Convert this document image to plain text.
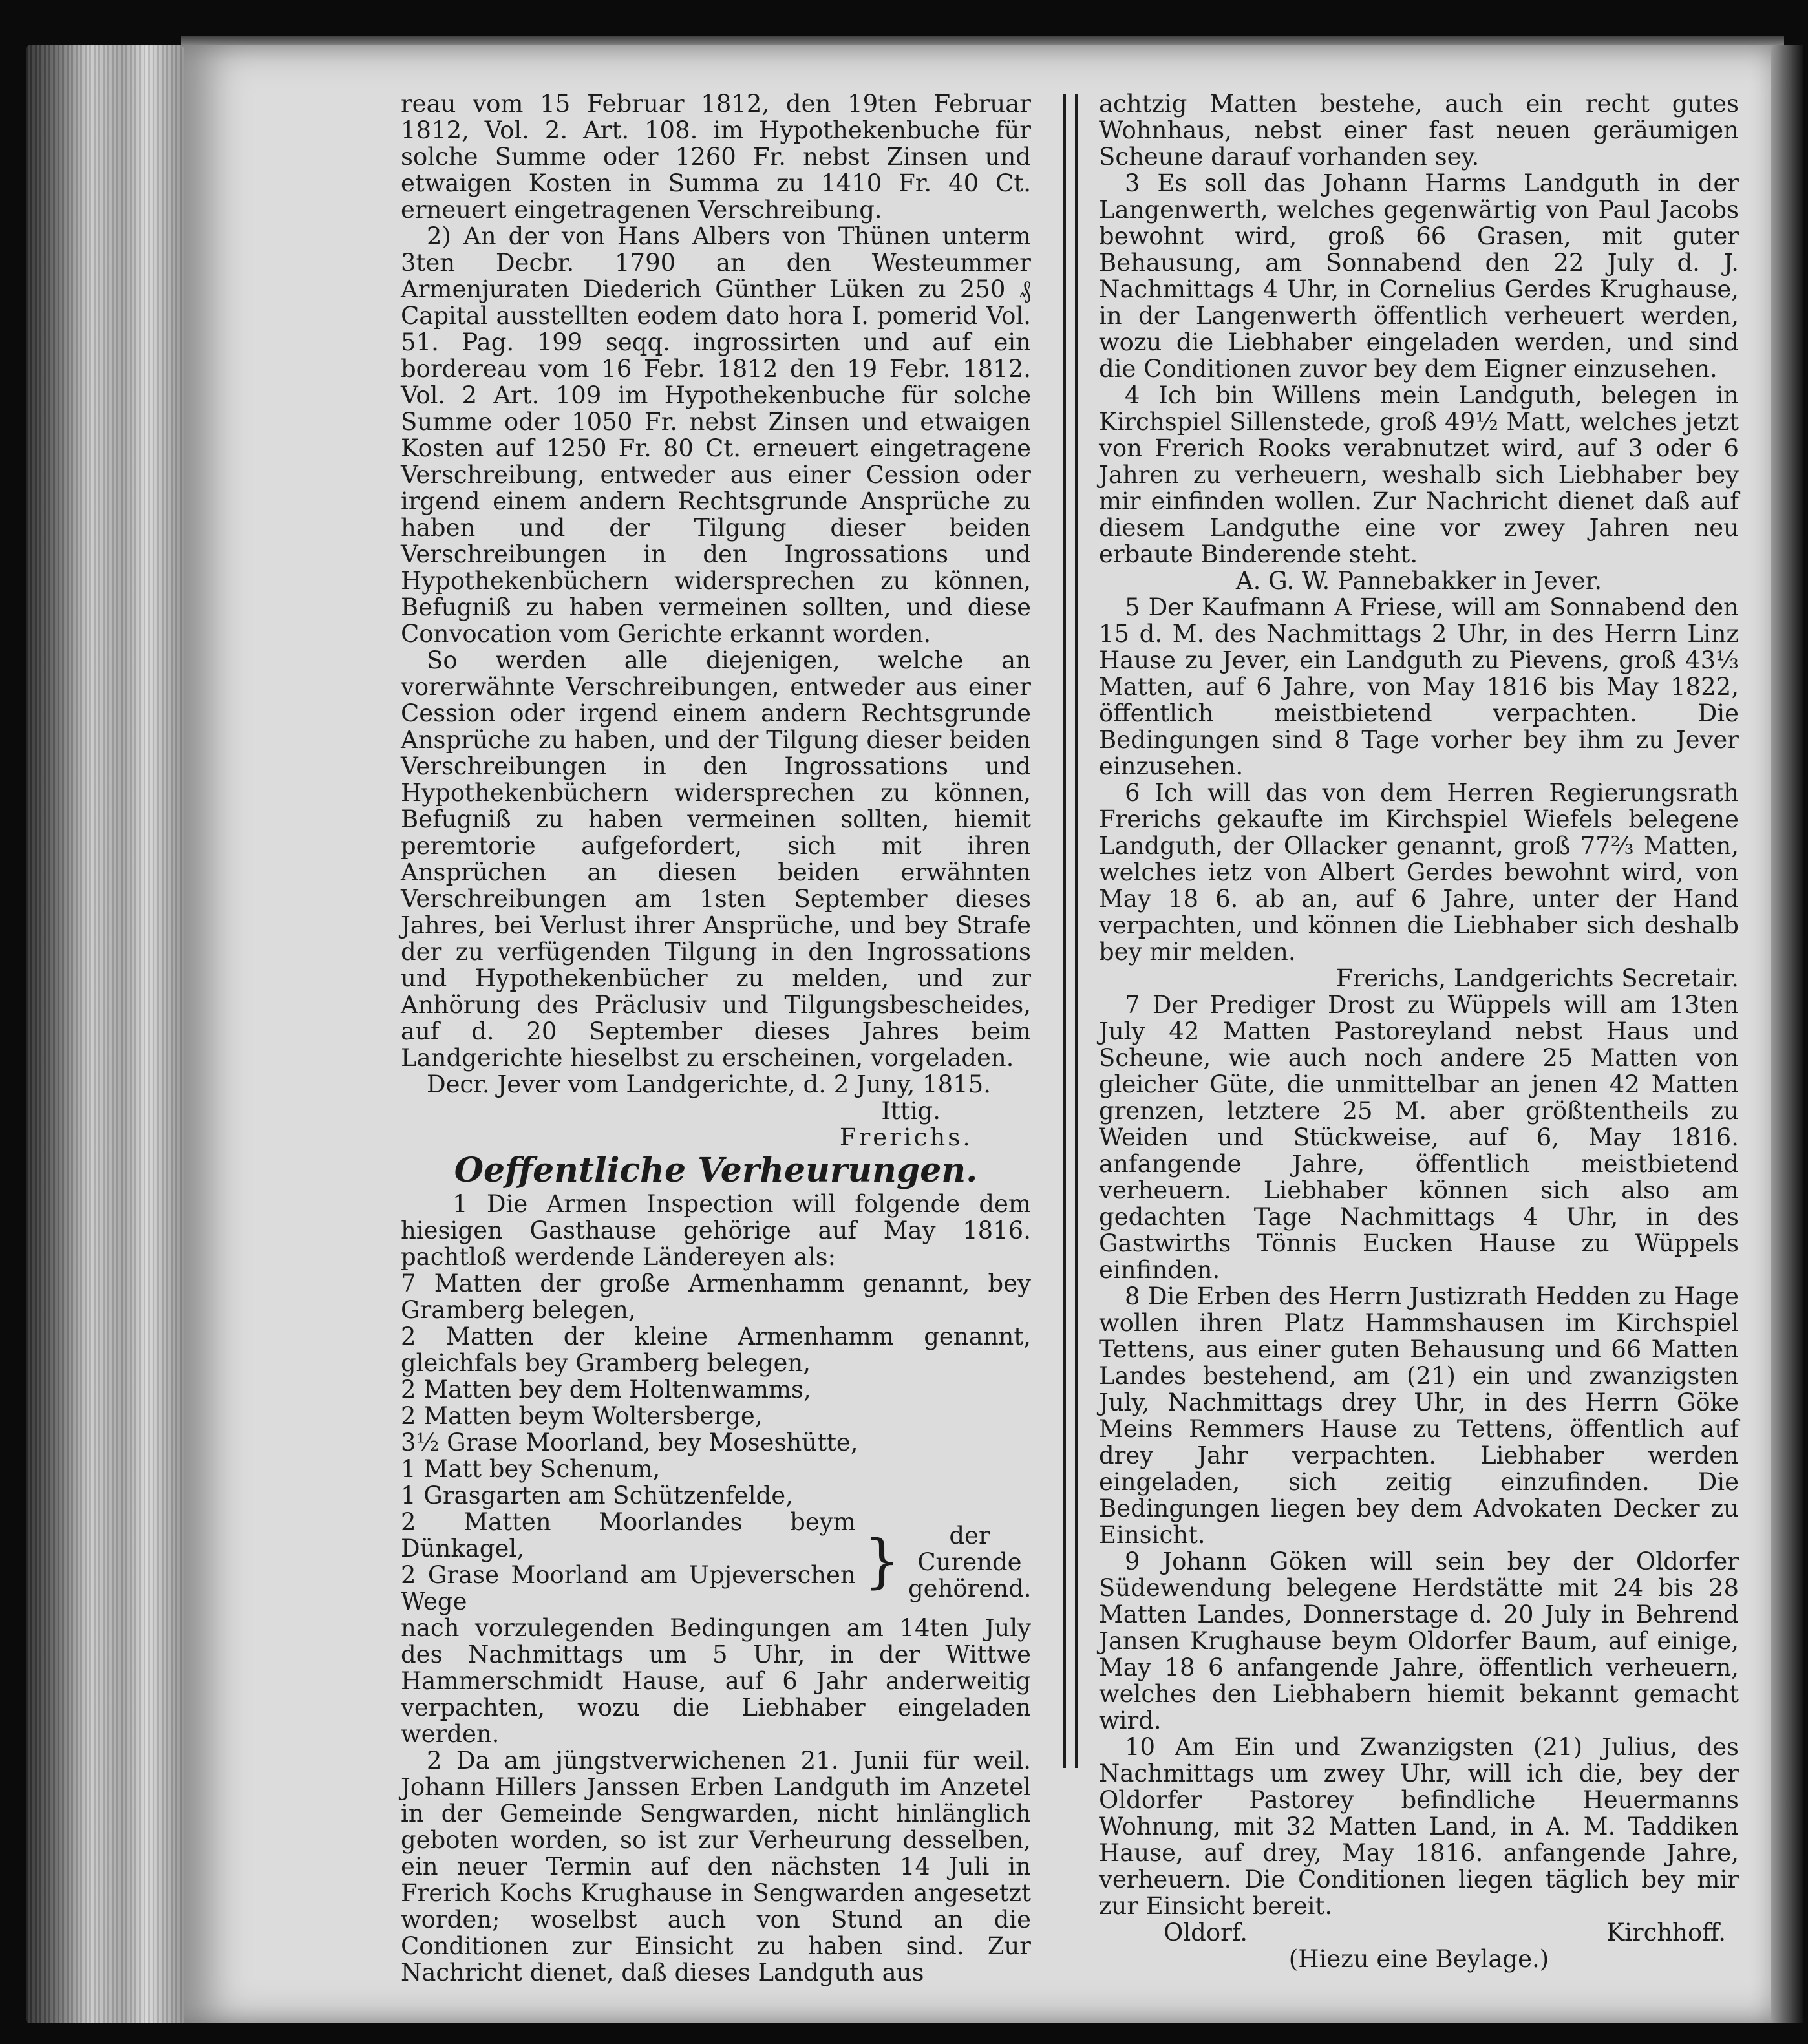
reau vom 15 Februar 1812, den 19ten Februar 1812, Vol. 2. Art. 108. im Hypothekenbuche für solche Summe oder 1260 Fr. nebst Zinsen und etwaigen Kosten in Summa zu 1410 Fr. 40 Ct. erneuert eingetragenen Verschreibung.

2) An der von Hans Albers von Thünen unterm 3ten Decbr. 1790 an den Westeummer Armenjuraten Diederich Günther Lüken zu 250 ₰ Capital ausstellten eodem dato hora I. pomerid Vol. 51. Pag. 199 seqq. ingrossirten und auf ein bordereau vom 16 Febr. 1812 den 19 Febr. 1812. Vol. 2 Art. 109 im Hypothekenbuche für solche Summe oder 1050 Fr. nebst Zinsen und etwaigen Kosten auf 1250 Fr. 80 Ct. erneuert eingetragene Verschreibung, entweder aus einer Cession oder irgend einem andern Rechtsgrunde Ansprüche zu haben und der Tilgung dieser beiden Verschreibungen in den Ingrossations und Hypothekenbüchern widersprechen zu können, Befugniß zu haben vermeinen sollten, und diese Convocation vom Gerichte erkannt worden.

So werden alle diejenigen, welche an vorerwähnte Verschreibungen, entweder aus einer Cession oder irgend einem andern Rechtsgrunde Ansprüche zu haben, und der Tilgung dieser beiden Verschreibungen in den Ingrossations und Hypothekenbüchern widersprechen zu können, Befugniß zu haben vermeinen sollten, hiemit peremtorie aufgefordert, sich mit ihren Ansprüchen an diesen beiden erwähnten Verschreibungen am 1sten September dieses Jahres, bei Verlust ihrer Ansprüche, und bey Strafe der zu verfügenden Tilgung in den Ingrossations und Hypothekenbücher zu melden, und zur Anhörung des Präclusiv und Tilgungsbescheides, auf d. 20 September dieses Jahres beim Landgerichte hieselbst zu erscheinen, vorgeladen.

Decr. Jever vom Landgerichte, d. 2 Juny, 1815.

Ittig.

Frerichs.

Oeffentliche Verheurungen.

1 Die Armen Inspection will folgende dem hiesigen Gasthause gehörige auf May 1816. pachtloß werdende Ländereyen als:

7 Matten der große Armenhamm genannt, bey Gramberg belegen,

2 Matten der kleine Armenhamm genannt, gleichfals bey Gramberg belegen,

2 Matten bey dem Holtenwamms,

2 Matten beym Woltersberge,

3½ Grase Moorland, bey Moseshütte,

1 Matt bey Schenum,

1 Grasgarten am Schützenfelde,

2 Matten Moorlandes beym Dünkagel,

2 Grase Moorland am Upjeverschen Wege

}	der Curende gehörend.

nach vorzulegenden Bedingungen am 14ten July des Nachmittags um 5 Uhr, in der Wittwe Hammerschmidt Hause, auf 6 Jahr anderweitig verpachten, wozu die Liebhaber eingeladen werden.

2 Da am jüngstverwichenen 21. Junii für weil. Johann Hillers Janssen Erben Landguth im Anzetel in der Gemeinde Sengwarden, nicht hinlänglich geboten worden, so ist zur Verheurung desselben, ein neuer Termin auf den nächsten 14 Juli in Frerich Kochs Krughause in Sengwarden angesetzt worden; woselbst auch von Stund an die Conditionen zur Einsicht zu haben sind. Zur Nachricht dienet, daß dieses Landguth aus

achtzig Matten bestehe, auch ein recht gutes Wohnhaus, nebst einer fast neuen geräumigen Scheune darauf vorhanden sey.

3 Es soll das Johann Harms Landguth in der Langenwerth, welches gegenwärtig von Paul Jacobs bewohnt wird, groß 66 Grasen, mit guter Behausung, am Sonnabend den 22 July d. J. Nachmittags 4 Uhr, in Cornelius Gerdes Krughause, in der Langenwerth öffentlich verheuert werden, wozu die Liebhaber eingeladen werden, und sind die Conditionen zuvor bey dem Eigner einzusehen.

4 Ich bin Willens mein Landguth, belegen in Kirchspiel Sillenstede, groß 49½ Matt, welches jetzt von Frerich Rooks verabnutzet wird, auf 3 oder 6 Jahren zu verheuern, weshalb sich Liebhaber bey mir einfinden wollen. Zur Nachricht dienet daß auf diesem Landguthe eine vor zwey Jahren neu erbaute Binderende steht.

A. G. W. Pannebakker in Jever.

5 Der Kaufmann A Friese, will am Sonnabend den 15 d. M. des Nachmittags 2 Uhr, in des Herrn Linz Hause zu Jever, ein Landguth zu Pievens, groß 43⅓ Matten, auf 6 Jahre, von May 1816 bis May 1822, öffentlich meistbietend verpachten. Die Bedingungen sind 8 Tage vorher bey ihm zu Jever einzusehen.

6 Ich will das von dem Herren Regierungsrath Frerichs gekaufte im Kirchspiel Wiefels belegene Landguth, der Ollacker genannt, groß 77⅔ Matten, welches ietz von Albert Gerdes bewohnt wird, von May 18 6. ab an, auf 6 Jahre, unter der Hand verpachten, und können die Liebhaber sich deshalb bey mir melden.

Frerichs, Landgerichts Secretair.

7 Der Prediger Drost zu Wüppels will am 13ten July 42 Matten Pastoreyland nebst Haus und Scheune, wie auch noch andere 25 Matten von gleicher Güte, die unmittelbar an jenen 42 Matten grenzen, letztere 25 M. aber größtentheils zu Weiden und Stückweise, auf 6, May 1816. anfangende Jahre, öffentlich meistbietend verheuern. Liebhaber können sich also am gedachten Tage Nachmittags 4 Uhr, in des Gastwirths Tönnis Eucken Hause zu Wüppels einfinden.

8 Die Erben des Herrn Justizrath Hedden zu Hage wollen ihren Platz Hammshausen im Kirchspiel Tettens, aus einer guten Behausung und 66 Matten Landes bestehend, am (21) ein und zwanzigsten July, Nachmittags drey Uhr, in des Herrn Göke Meins Remmers Hause zu Tettens, öffentlich auf drey Jahr verpachten. Liebhaber werden eingeladen, sich zeitig einzufinden. Die Bedingungen liegen bey dem Advokaten Decker zu Einsicht.

9 Johann Göken will sein bey der Oldorfer Südewendung belegene Herdstätte mit 24 bis 28 Matten Landes, Donnerstage d. 20 July in Behrend Jansen Krughause beym Oldorfer Baum, auf einige, May 18 6 anfangende Jahre, öffentlich verheuern, welches den Liebhabern hiemit bekannt gemacht wird.

10 Am Ein und Zwanzigsten (21) Julius, des Nachmittags um zwey Uhr, will ich die, bey der Oldorfer Pastorey befindliche Heuermanns Wohnung, mit 32 Matten Land, in A. M. Taddiken Hause, auf drey, May 1816. anfangende Jahre, verheuern. Die Conditionen liegen täglich bey mir zur Einsicht bereit.

Oldorf.	Kirchhoff.

(Hiezu eine Beylage.)
